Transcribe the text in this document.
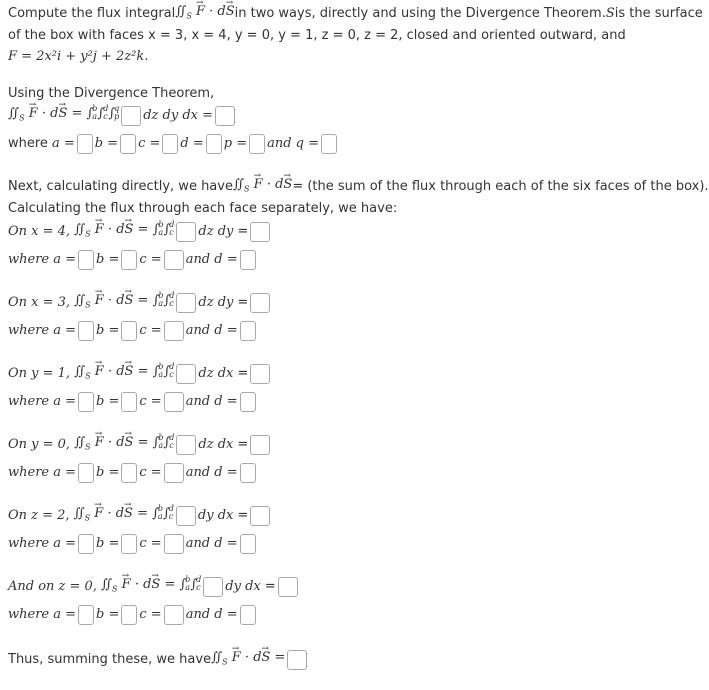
Compute the flux integral $∬_S \to F \cdot d\to S$ in two ways, directly and using the Divergence Theorem. S is the surface
of the box with faces x = 3, x = 4, y = 0, y = 1, z = 0, z = 2, closed and oriented outward, and
F = 2x²i + y²j + 2z²k.
Using the Divergence Theorem,
$∬_S \to F \cdot d\to S$ = ∫ b
a ∫ d
c ∫ q
p dz dy dx =
where a = b = c = d = p = and q =
Next, calculating directly, we have $∬_S \to F \cdot d\to S = (the$ sum of the flux through each of the six faces of the box).
Calculating the flux through each face separately, we have:
On x = 4, $∬_S \to F \cdot d\to S$ = ∫ b
a ∫ d
c dz dy =
where a = b = c = and d =
On x = 3, $∬_S \to F \cdot d\to S$ = ∫ b
a ∫ d
c dz dy =
where a = b = c = and d =
On y = 1, $∬_S \to F \cdot d\to S$ = ∫ b
a ∫ d
c dz dx =
where a = b = c = and d =
On y = 0, $∬_S \to F \cdot d\to S$ = ∫ b
a ∫ d
c dz dx =
where a = b = c = and d =
On z = 2, $∬_S \to F \cdot d\to S$ = ∫ b
a ∫ d
c dy dx =
where a = b = c = and d =
And on z = 0, $∬_S \to F \cdot d\to S$ = ∫ b
a ∫ d
c dy dx =
where a = b = c = and d =
Thus, summing these, we have $∬_S \to F \cdot d\to S$ =
